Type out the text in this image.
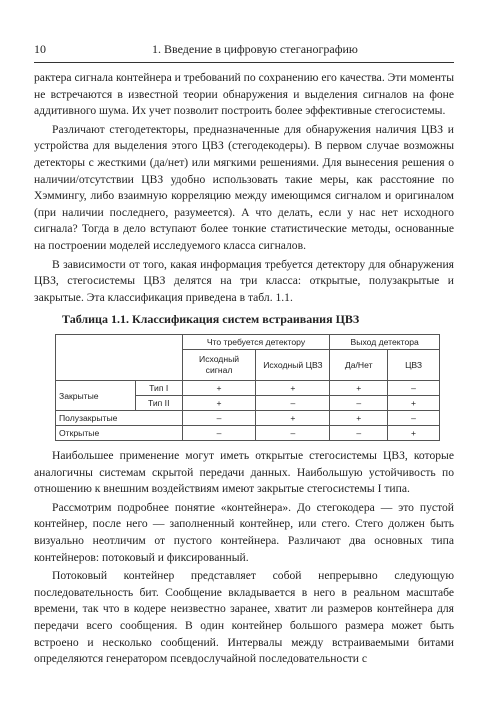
10	1. Введение в цифровую стеганографию

рактера сигнала контейнера и требований по сохранению его качества. Эти моменты не встречаются в известной теории обнаружения и выделения сигналов на фоне аддитивного шума. Их учет позволит построить более эффективные стегосистемы.

Различают стегодетекторы, предназначенные для обнаружения наличия ЦВЗ и устройства для выделения этого ЦВЗ (стегодекодеры). В первом случае возможны детекторы с жесткими (да/нет) или мягкими решениями. Для вынесения решения о наличии/отсутствии ЦВЗ удобно использовать такие меры, как расстояние по Хэммингу, либо взаимную корреляцию между имеющимся сигналом и оригиналом (при наличии последнего, разумеется). А что делать, если у нас нет исходного сигнала? Тогда в дело вступают более тонкие статистические методы, основанные на построении моделей исследуемого класса сигналов.

В зависимости от того, какая информация требуется детектору для обнаружения ЦВЗ, стегосистемы ЦВЗ делятся на три класса: открытые, полузакрытые и закрытые. Эта классификация приведена в табл. 1.1.

Таблица 1.1. Классификация систем встраивания ЦВЗ
		Что требуется детектору		Выход детектора	
		Исходный сигнал	Исходный ЦВЗ	Да/Нет	ЦВЗ
Закрытые	Тип I	+	+	+	–
	Тип II	+	–	–	+
Полузакрытые		–	+	+	–
Открытые		–	–	–	+

Наибольшее применение могут иметь открытые стегосистемы ЦВЗ, которые аналогичны системам скрытой передачи данных. Наибольшую устойчивость по отношению к внешним воздействиям имеют закрытые стегосистемы I типа.

Рассмотрим подробнее понятие «контейнера». До стегокодера — это пустой контейнер, после него — заполненный контейнер, или стего. Стего должен быть визуально неотличим от пустого контейнера. Различают два основных типа контейнеров: потоковый и фиксированный.

Потоковый контейнер представляет собой непрерывно следующую последовательность бит. Сообщение вкладывается в него в реальном масштабе времени, так что в кодере неизвестно заранее, хватит ли размеров контейнера для передачи всего сообщения. В один контейнер большого размера может быть встроено и несколько сообщений. Интервалы между встраиваемыми битами определяются генератором псевдослучайной последовательности с
